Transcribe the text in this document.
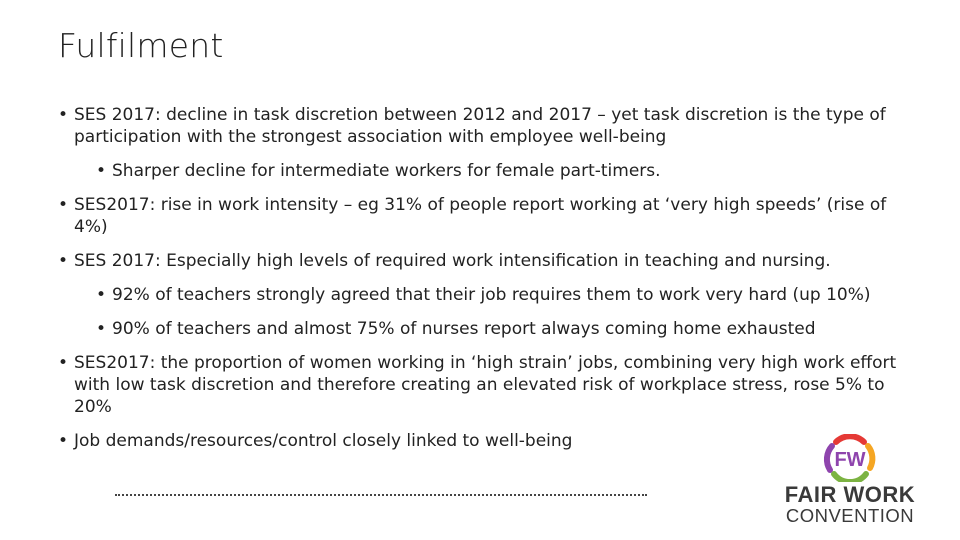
Fulfilment
• SES 2017: decline in task discretion between 2012 and 2017 – yet task discretion is the type of participation with the strongest association with employee well-being
• Sharper decline for intermediate workers for female part-timers.
• SES2017: rise in work intensity – eg 31% of people report working at ‘very high speeds’ (rise of 4%)
• SES 2017: Especially high levels of required work intensification in teaching and nursing.
• 92% of teachers strongly agreed that their job requires them to work very hard (up 10%)
• 90% of teachers and almost 75% of nurses report always coming home exhausted
• SES2017: the proportion of women working in ‘high strain’ jobs, combining very high work effort with low task discretion and therefore creating an elevated risk of workplace stress, rose 5% to 20%
• Job demands/resources/control closely linked to well-being
FW
FAIR WORK
CONVENTION
